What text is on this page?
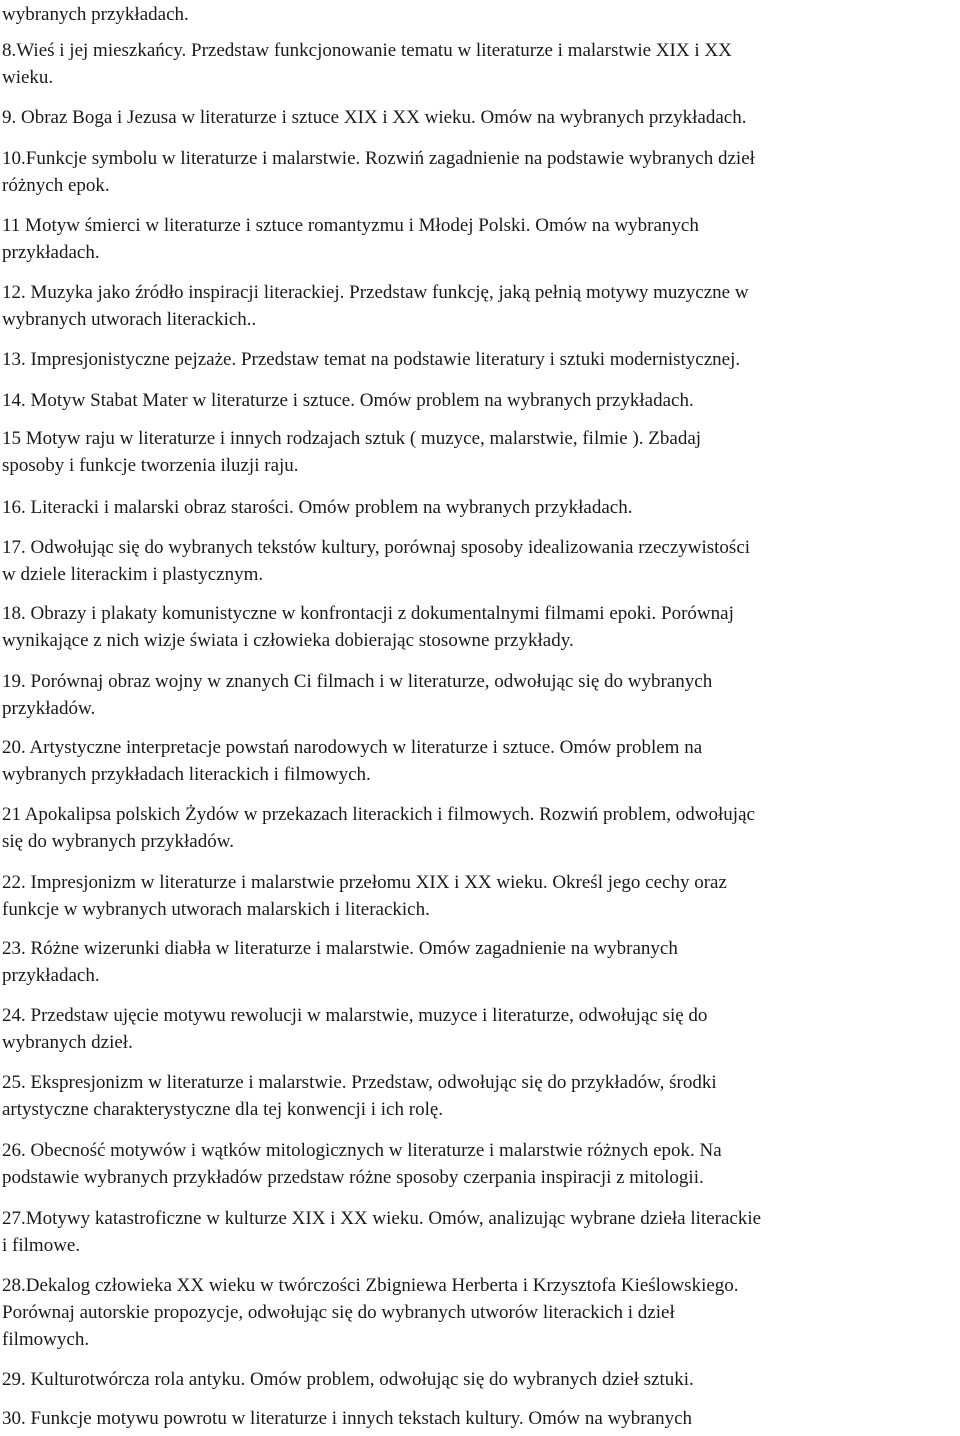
wybranych przykładach.

8.Wieś i jej mieszkańcy. Przedstaw funkcjonowanie tematu w literaturze i malarstwie XIX i XX
wieku.

9. Obraz Boga i Jezusa w literaturze i sztuce XIX i XX wieku. Omów na wybranych przykładach.

10.Funkcje symbolu w literaturze i malarstwie. Rozwiń zagadnienie na podstawie wybranych dzieł
różnych epok.

11 Motyw śmierci w literaturze i sztuce romantyzmu i Młodej Polski. Omów na wybranych
przykładach.

12. Muzyka jako źródło inspiracji literackiej. Przedstaw funkcję, jaką pełnią motywy muzyczne w
wybranych utworach literackich..

13. Impresjonistyczne pejzaże. Przedstaw temat na podstawie literatury i sztuki modernistycznej.

14. Motyw Stabat Mater w literaturze i sztuce. Omów problem na wybranych przykładach.

15 Motyw raju w literaturze i innych rodzajach sztuk ( muzyce, malarstwie, filmie ). Zbadaj
sposoby i funkcje tworzenia iluzji raju.

16. Literacki i malarski obraz starości. Omów problem na wybranych przykładach.

17. Odwołując się do wybranych tekstów kultury, porównaj sposoby idealizowania rzeczywistości
w dziele literackim i plastycznym.

18. Obrazy i plakaty komunistyczne w konfrontacji z dokumentalnymi filmami epoki. Porównaj
wynikające z nich wizje świata i człowieka dobierając stosowne przykłady.

19. Porównaj obraz wojny w znanych Ci filmach i w literaturze, odwołując się do wybranych
przykładów.

20. Artystyczne interpretacje powstań narodowych w literaturze i sztuce. Omów problem na
wybranych przykładach literackich i filmowych.

21 Apokalipsa polskich Żydów w przekazach literackich i filmowych. Rozwiń problem, odwołując
się do wybranych przykładów.

22. Impresjonizm w literaturze i malarstwie przełomu XIX i XX wieku. Określ jego cechy oraz
funkcje w wybranych utworach malarskich i literackich.

23. Różne wizerunki diabła w literaturze i malarstwie. Omów zagadnienie na wybranych
przykładach.

24. Przedstaw ujęcie motywu rewolucji w malarstwie, muzyce i literaturze, odwołując się do
wybranych dzieł.

25. Ekspresjonizm w literaturze i malarstwie. Przedstaw, odwołując się do przykładów, środki
artystyczne charakterystyczne dla tej konwencji i ich rolę.

26. Obecność motywów i wątków mitologicznych w literaturze i malarstwie różnych epok. Na
podstawie wybranych przykładów przedstaw różne sposoby czerpania inspiracji z mitologii.

27.Motywy katastroficzne w kulturze XIX i XX wieku. Omów, analizując wybrane dzieła literackie
i filmowe.

28.Dekalog człowieka XX wieku w twórczości Zbigniewa Herberta i Krzysztofa Kieślowskiego.
Porównaj autorskie propozycje, odwołując się do wybranych utworów literackich i dzieł
filmowych.

29. Kulturotwórcza rola antyku. Omów problem, odwołując się do wybranych dzieł sztuki.

30. Funkcje motywu powrotu w literaturze i innych tekstach kultury. Omów na wybranych
